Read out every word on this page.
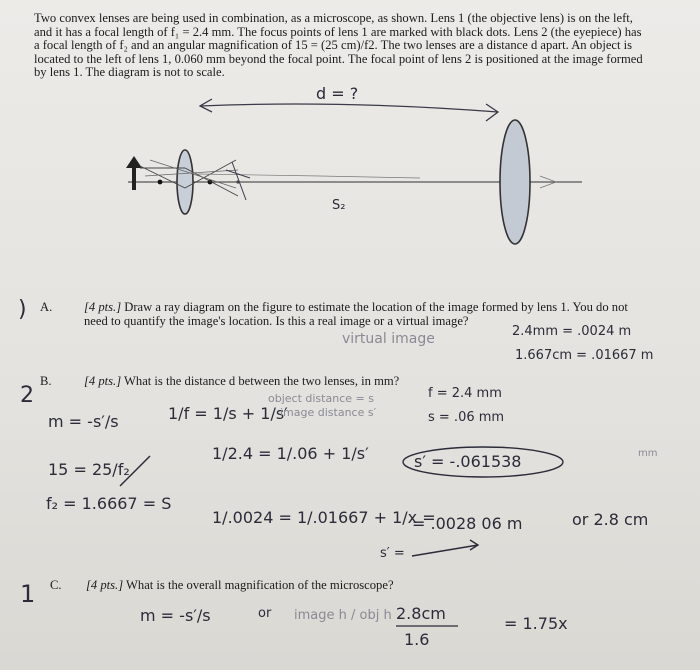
Two convex lenses are being used in combination, as a microscope, as shown. Lens 1 (the objective lens) is on the left,
and it has a focal length of f₁ = 2.4 mm. The focus points of lens 1 are marked with black dots. Lens 2 (the eyepiece) has
a focal length of f₂ and an angular magnification of 15 = (25 cm)/f2. The two lenses are a distance d apart. An object is
located to the left of lens 1, 0.060 mm beyond the focal point. The focal point of lens 2 is positioned at the image formed
by lens 1. The diagram is not to scale.
d = ?
S₂
) A.	[4 pts.] Draw a ray diagram on the figure to estimate the location of the image formed by lens 1. You do not
need to quantify the image's location. Is this a real image or a virtual image?
virtual image	2.4mm = .0024 m
1.667cm = .01667 m
2
B.	[4 pts.] What is the distance d between the two lenses, in mm?
m = -s′/s	1/f = 1/s + 1/s′
object distance = s
image distance s′
f = 2.4 mm
s = .06 mm
15 = 25/f₂
1/2.4 = 1/.06 + 1/s′	s′ = -.061538	mm
f₂ = 1.6667 = S
1/.0024 = 1/.01667 + 1/x =
= .0028 06 m	or 2.8 cm
s′ =
1 C. [4 pts.] What is the overall magnification of the microscope?
m = -s′/s	or image h / obj h 2.8cm
1.6
= 1.75x
